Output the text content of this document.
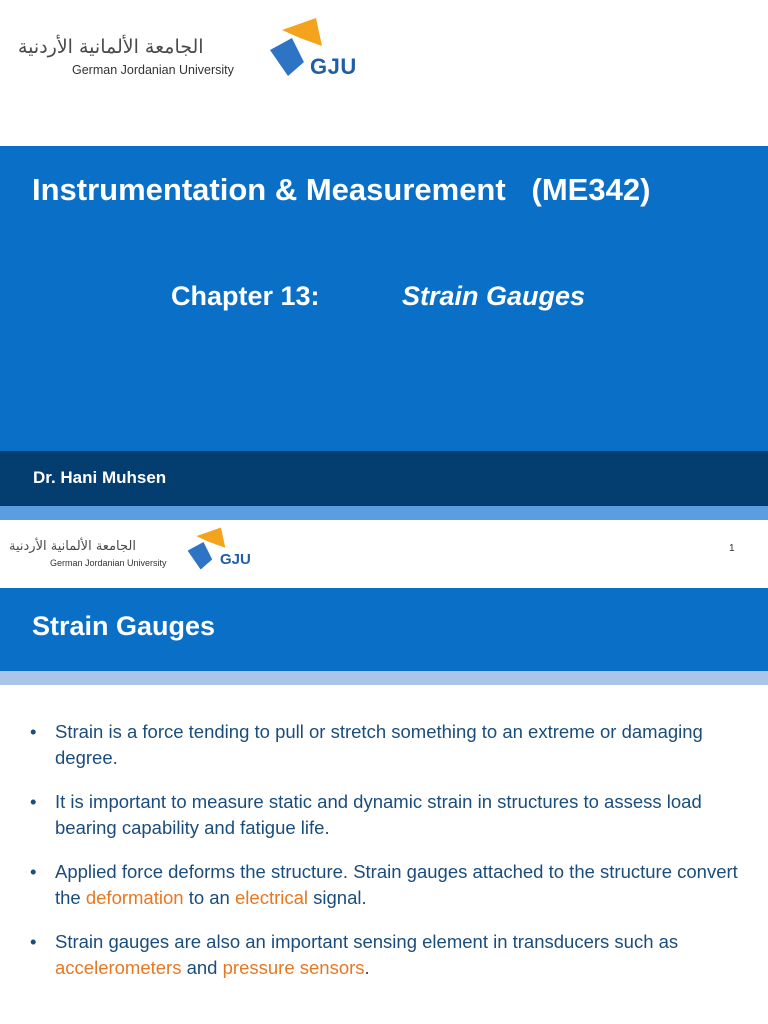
الجامعة الألمانية الأردنية
German Jordanian University	GJU
Instrumentation & Measurement   (ME342)
Chapter 13:	Strain Gauges
Dr. Hani Muhsen
الجامعة الألمانية الأردنية
German Jordanian University	GJU
1
Strain Gauges
• Strain is a force tending to pull or stretch something to an extreme or damaging degree.
• It is important to measure static and dynamic strain in structures to assess load bearing capability and fatigue life.
• Applied force deforms the structure. Strain gauges attached to the structure convert the deformation to an electrical signal.
• Strain gauges are also an important sensing element in transducers such as accelerometers and pressure sensors.
